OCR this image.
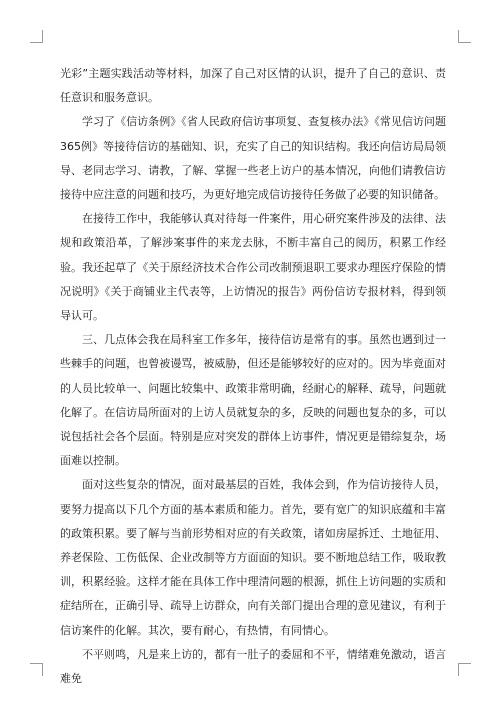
光彩”主题实践活动等材料，加深了自己对区情的认识，提升了自己的意识、责任意识和服务意识。

学习了《信访条例》《省人民政府信访事项复、查复核办法》《常见信访问题365例》等接待信访的基础知、识，充实了自己的知识结构。我还向信访局局领导、老同志学习、请教，了解、掌握一些老上访户的基本情况，向他们请教信访接待中应注意的问题和技巧，为更好地完成信访接待任务做了必要的知识储备。

在接待工作中，我能够认真对待每一件案件，用心研究案件涉及的法律、法规和政策沿革，了解涉案事件的来龙去脉，不断丰富自己的阅历，积累工作经验。我还起草了《关于原经济技术合作公司改制预退职工要求办理医疗保险的情况说明》《关于商铺业主代表等，上访情况的报告》两份信访专报材料，得到领导认可。

三、几点体会我在局科室工作多年，接待信访是常有的事。虽然也遇到过一些棘手的问题，也曾被谩骂，被威胁，但还是能够较好的应对的。因为毕竟面对的人员比较单一、问题比较集中、政策非常明确，经耐心的解释、疏导，问题就化解了。在信访局所面对的上访人员就复杂的多，反映的问题也复杂的多，可以说包括社会各个层面。特别是应对突发的群体上访事件，情况更是错综复杂，场面难以控制。

面对这些复杂的情况，面对最基层的百姓，我体会到，作为信访接待人员，要努力提高以下几个方面的基本素质和能力。首先，要有宽广的知识底蕴和丰富的政策积累。要了解与当前形势相对应的有关政策，诸如房屋拆迁、土地征用、养老保险、工伤低保、企业改制等方方面面的知识。要不断地总结工作，吸取教训，积累经验。这样才能在具体工作中理清问题的根源，抓住上访问题的实质和症结所在，正确引导、疏导上访群众，向有关部门提出合理的意见建议，有利于信访案件的化解。其次，要有耐心，有热情，有同情心。

不平则鸣，凡是来上访的，都有一肚子的委屈和不平，情绪难免激动，语言难免
